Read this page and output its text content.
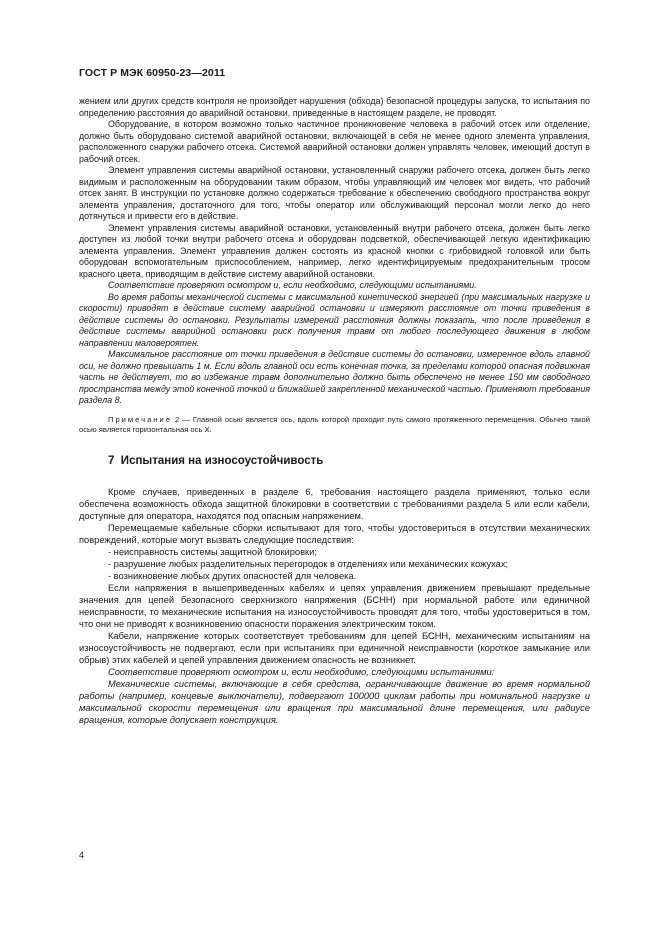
ГОСТ Р МЭК 60950-23—2011

жением или других средств контроля не произойдет нарушения (обхода) безопасной процедуры запуска, то испытания по определению расстояния до аварийной остановки, приведенные в настоящем разделе, не проводят.

Оборудование, в котором возможно только частичное проникновение человека в рабочий отсек или отделение, должно быть оборудовано системой аварийной остановки, включающей в себя не менее одного элемента управления, расположенного снаружи рабочего отсека. Системой аварийной остановки должен управлять человек, имеющий доступ в рабочий отсек.

Элемент управления системы аварийной остановки, установленный снаружи рабочего отсека, должен быть легко видимым и расположенным на оборудовании таким образом, чтобы управляющий им человек мог видеть, что рабочий отсек занят. В инструкции по установке должно содержаться требование к обеспечению свободного пространства вокруг элемента управления, достаточного для того, чтобы оператор или обслуживающий персонал могли легко до него дотянуться и привести его в действие.

Элемент управления системы аварийной остановки, установленный внутри рабочего отсека, должен быть легко доступен из любой точки внутри рабочего отсека и оборудован подсветкой, обеспечивающей легкую идентификацию элемента управления. Элемент управления должен состоять из красной кнопки с грибовидной головкой или быть оборудован вспомогательным приспособлением, например, легко идентифицируемым предохранительным тросом красного цвета, приводящим в действие систему аварийной остановки.

Соответствие проверяют осмотром и, если необходимо, следующими испытаниями.

Во время работы механической системы с максимальной кинетической энергией (при максимальных нагрузке и скорости) приводят в действие систему аварийной остановки и измеряют расстояние от точки приведения в действие системы до остановки. Результаты измерений расстояния должны показать, что после приведения в действие системы аварийной остановки риск получения травм от любого последующего движения в любом направлении маловероятен.

Максимальное расстояние от точки приведения в действие системы до остановки, измеренное вдоль главной оси, не должно превышать 1 м. Если вдоль главной оси есть конечная точка, за пределами которой опасная подвижная часть не действует, то во избежание травм дополнительно должно быть обеспечено не менее 150 мм свободного пространства между этой конечной точкой и ближайшей закрепленной механической частью. Применяют требования раздела 8.

Примечание 2 — Главной осью является ось, вдоль которой проходит путь самого протяженного перемещения. Обычно такой осью является горизонтальная ось X.

7 Испытания на износоустойчивость

Кроме случаев, приведенных в разделе 6, требования настоящего раздела применяют, только если обеспечена возможность обхода защитной блокировки в соответствии с требованиями раздела 5 или если кабели, доступные для оператора, находятся под опасным напряжением.

Перемещаемые кабельные сборки испытывают для того, чтобы удостовериться в отсутствии механических повреждений, которые могут вызвать следующие последствия:

- неисправность системы защитной блокировки;

- разрушение любых разделительных перегородок в отделениях или механических кожухах;

- возникновение любых других опасностей для человека.

Если напряжения в вышеприведенных кабелях и цепях управления движением превышают предельные значения для цепей безопасного сверхнизкого напряжения (БСНН) при нормальной работе или единичной неисправности, то механические испытания на износоустойчивость проводят для того, чтобы удостовериться в том, что они не приводят к возникновению опасности поражения электрическим током.

Кабели, напряжение которых соответствует требованиям для цепей БСНН, механическим испытаниям на износоустойчивость не подвергают, если при испытаниях при единичной неисправности (короткое замыкание или обрыв) этих кабелей и цепей управления движением опасность не возникнет.

Соответствие проверяют осмотром и, если необходимо, следующими испытаниями:

Механические системы, включающие в себя средства, ограничивающие движение во время нормальной работы (например, концевые выключатели), подвергают 100000 циклам работы при номинальной нагрузке и максимальной скорости перемещения или вращения при максимальной длине перемещения, или радиусе вращения, которые допускает конструкция.

4
